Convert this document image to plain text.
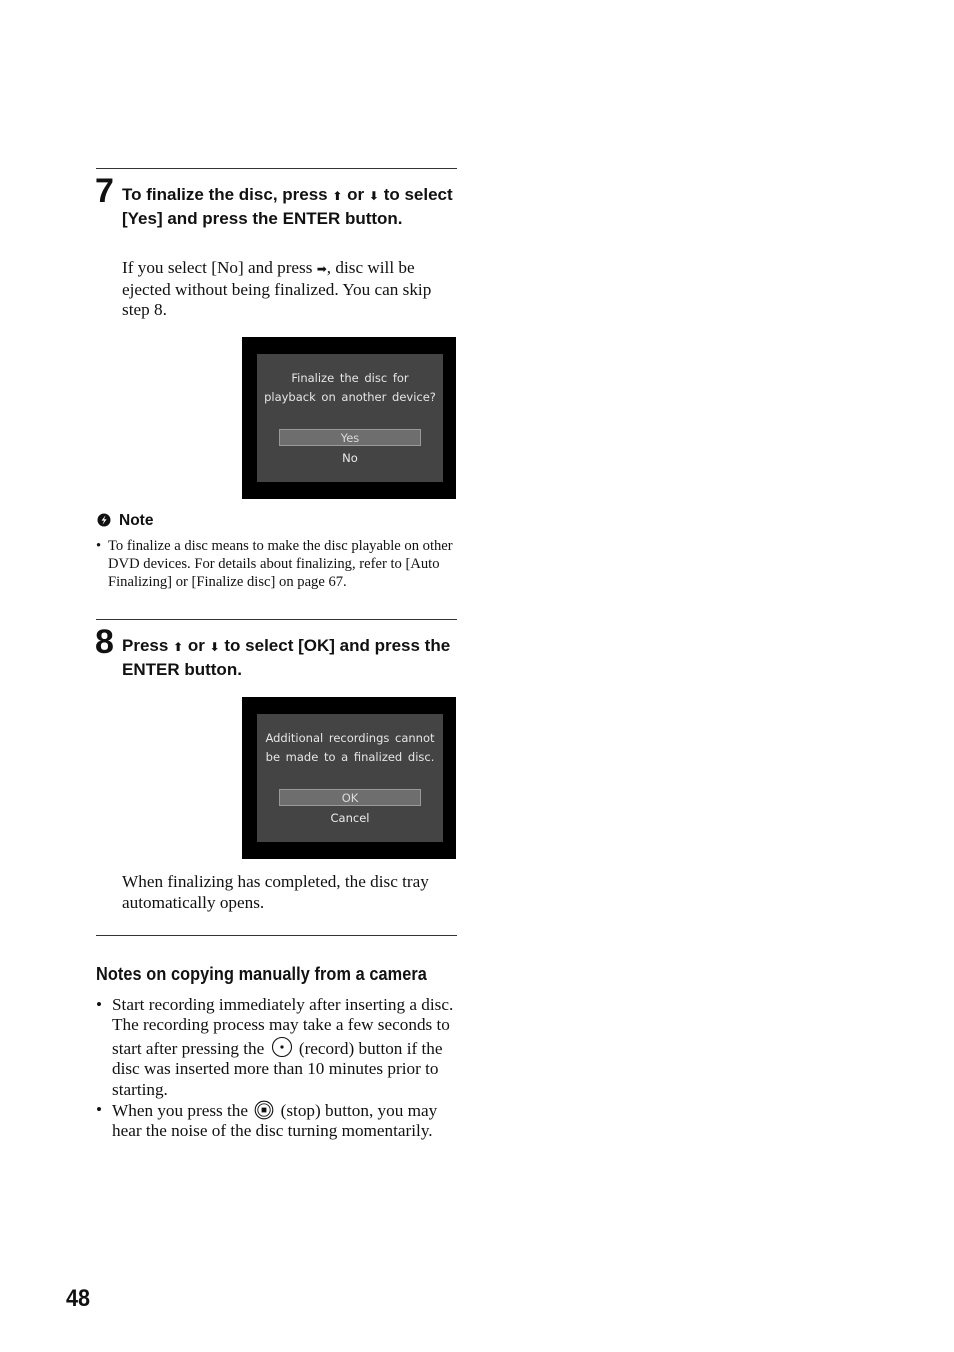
7 To finalize the disc, press ⬆ or ⬇ to select [Yes] and press the ENTER button.
If you select [No] and press ➡, disc will be ejected without being finalized. You can skip step 8.
Finalize the disc for
playback on another device?
Yes
No
Note
• To finalize a disc means to make the disc playable on other DVD devices. For details about finalizing, refer to [Auto Finalizing] or [Finalize disc] on page 67.
8 Press ⬆ or ⬇ to select [OK] and press the ENTER button.
Additional recordings cannot
be made to a finalized disc.
OK
Cancel
When finalizing has completed, the disc tray automatically opens.
Notes on copying manually from a camera
• Start recording immediately after inserting a disc. The recording process may take a few seconds to start after pressing the (record) button if the disc was inserted more than 10 minutes prior to starting.
• When you press the (stop) button, you may hear the noise of the disc turning momentarily.
48
